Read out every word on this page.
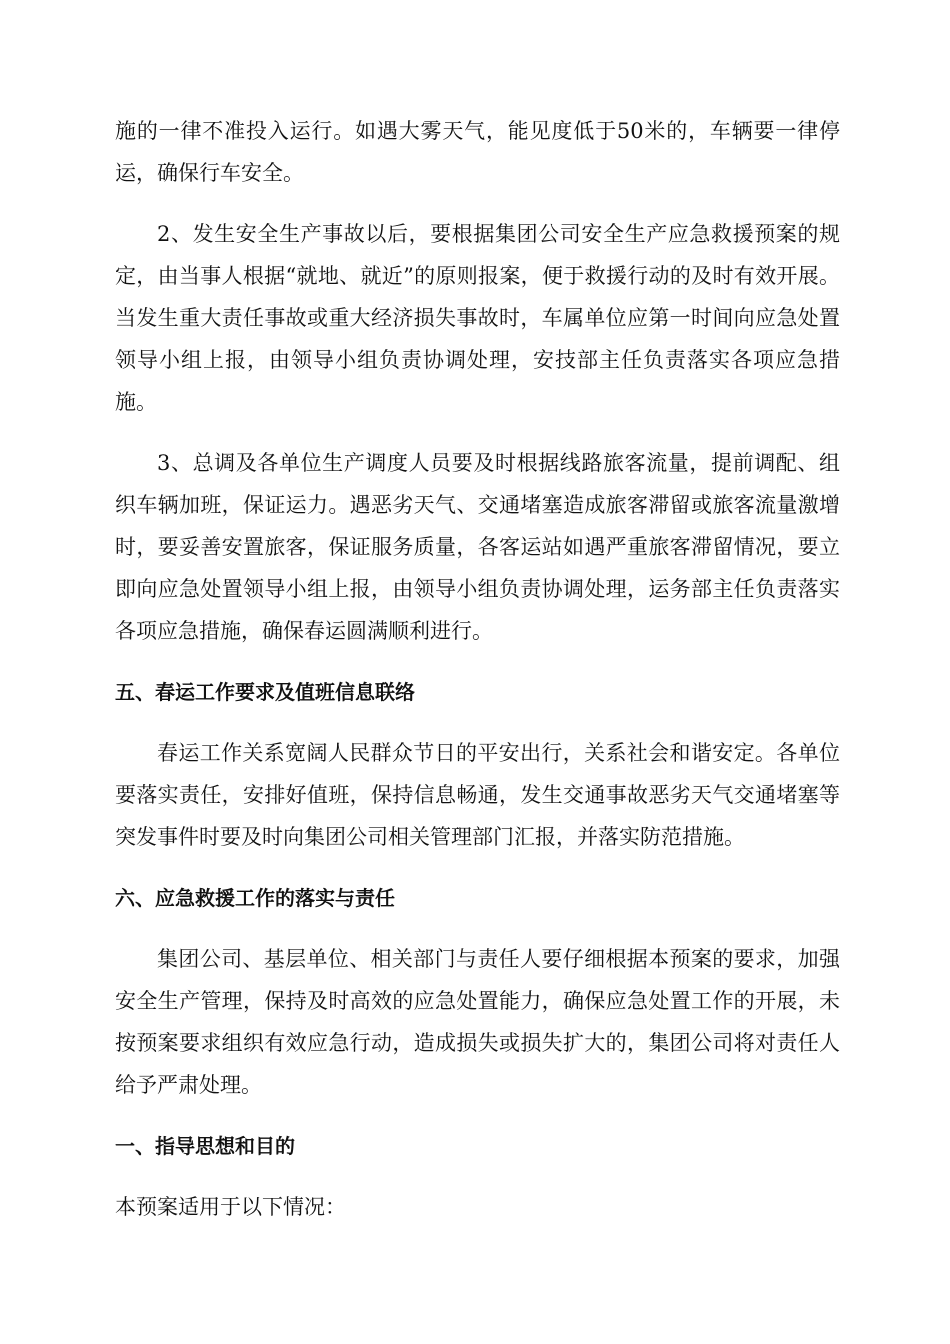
施的一律不准投入运行。如遇大雾天气，能见度低于50米的，车辆要一律停运，确保行车安全。

2、发生安全生产事故以后，要根据集团公司安全生产应急救援预案的规定，由当事人根据“就地、就近”的原则报案，便于救援行动的及时有效开展。当发生重大责任事故或重大经济损失事故时，车属单位应第一时间向应急处置领导小组上报，由领导小组负责协调处理，安技部主任负责落实各项应急措施。

3、总调及各单位生产调度人员要及时根据线路旅客流量，提前调配、组织车辆加班，保证运力。遇恶劣天气、交通堵塞造成旅客滞留或旅客流量激增时，要妥善安置旅客，保证服务质量，各客运站如遇严重旅客滞留情况，要立即向应急处置领导小组上报，由领导小组负责协调处理，运务部主任负责落实各项应急措施，确保春运圆满顺利进行。

五、春运工作要求及值班信息联络

春运工作关系宽阔人民群众节日的平安出行，关系社会和谐安定。各单位要落实责任，安排好值班，保持信息畅通，发生交通事故恶劣天气交通堵塞等突发事件时要及时向集团公司相关管理部门汇报，并落实防范措施。

六、应急救援工作的落实与责任

集团公司、基层单位、相关部门与责任人要仔细根据本预案的要求，加强安全生产管理，保持及时高效的应急处置能力，确保应急处置工作的开展，未按预案要求组织有效应急行动，造成损失或损失扩大的，集团公司将对责任人给予严肃处理。

一、指导思想和目的

本预案适用于以下情况：
